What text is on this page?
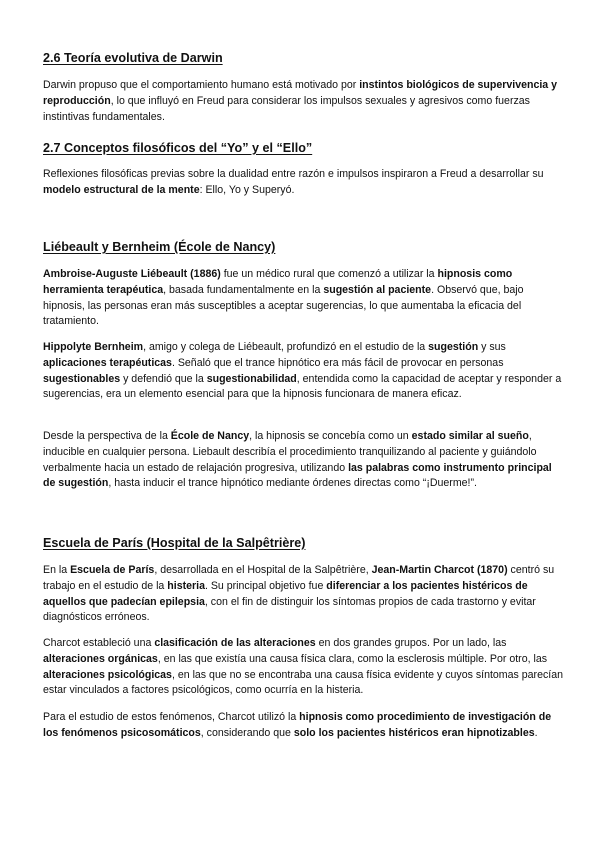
2.6 Teoría evolutiva de Darwin

Darwin propuso que el comportamiento humano está motivado por instintos biológicos de supervivencia y reproducción, lo que influyó en Freud para considerar los impulsos sexuales y agresivos como fuerzas instintivas fundamentales.

2.7 Conceptos filosóficos del “Yo” y el “Ello”

Reflexiones filosóficas previas sobre la dualidad entre razón e impulsos inspiraron a Freud a desarrollar su modelo estructural de la mente: Ello, Yo y Superyó.

Liébeault y Bernheim (École de Nancy)

Ambroise-Auguste Liébeault (1886) fue un médico rural que comenzó a utilizar la hipnosis como herramienta terapéutica, basada fundamentalmente en la sugestión al paciente. Observó que, bajo hipnosis, las personas eran más susceptibles a aceptar sugerencias, lo que aumentaba la eficacia del tratamiento.

Hippolyte Bernheim, amigo y colega de Liébeault, profundizó en el estudio de la sugestión y sus aplicaciones terapéuticas. Señaló que el trance hipnótico era más fácil de provocar en personas sugestionables y defendió que la sugestionabilidad, entendida como la capacidad de aceptar y responder a sugerencias, era un elemento esencial para que la hipnosis funcionara de manera eficaz.

Desde la perspectiva de la École de Nancy, la hipnosis se concebía como un estado similar al sueño, inducible en cualquier persona. Liebault describía el procedimiento tranquilizando al paciente y guiándolo verbalmente hacia un estado de relajación progresiva, utilizando las palabras como instrumento principal de sugestión, hasta inducir el trance hipnótico mediante órdenes directas como “¡Duerme!”.

Escuela de París (Hospital de la Salpêtrière)

En la Escuela de París, desarrollada en el Hospital de la Salpêtrière, Jean-Martin Charcot (1870) centró su trabajo en el estudio de la histeria. Su principal objetivo fue diferenciar a los pacientes histéricos de aquellos que padecían epilepsia, con el fin de distinguir los síntomas propios de cada trastorno y evitar diagnósticos erróneos.

Charcot estableció una clasificación de las alteraciones en dos grandes grupos. Por un lado, las alteraciones orgánicas, en las que existía una causa física clara, como la esclerosis múltiple. Por otro, las alteraciones psicológicas, en las que no se encontraba una causa física evidente y cuyos síntomas parecían estar vinculados a factores psicológicos, como ocurría en la histeria.

Para el estudio de estos fenómenos, Charcot utilizó la hipnosis como procedimiento de investigación de los fenómenos psicosomáticos, considerando que solo los pacientes histéricos eran hipnotizables.
